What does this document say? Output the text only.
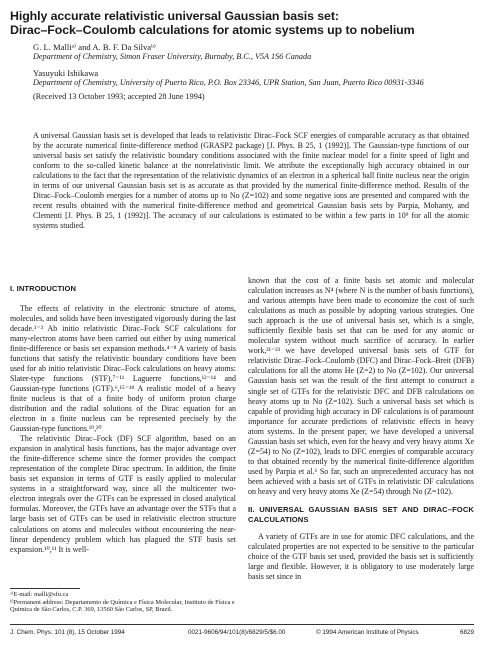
Highly accurate relativistic universal Gaussian basis set:
Dirac–Fock–Coulomb calculations for atomic systems up to nobelium
G. L. Malliᵃ⁾ and A. B. F. Da Silvaᵇ⁾
Department of Chemistry, Simon Fraser University, Burnaby, B.C., V5A 1S6 Canada
Yasuyuki Ishikawa
Department of Chemistry, University of Puerto Rico, P.O. Box 23346, UPR Station, San Juan, Puerto Rico 00931-3346
(Received 13 October 1993; accepted 28 June 1994)
A universal Gaussian basis set is developed that leads to relativistic Dirac–Fock SCF energies of comparable accuracy as that obtained by the accurate numerical finite-difference method (GRASP2 package) [J. Phys. B 25, 1 (1992)]. The Gaussian-type functions of our universal basis set satisfy the relativistic boundary conditions associated with the finite nuclear model for a finite speed of light and conform to the so-called kinetic balance at the nonrelativistic limit. We attribute the exceptionally high accuracy obtained in our calculations to the fact that the representation of the relativistic dynamics of an electron in a spherical ball finite nucleus near the origin in terms of our universal Gaussian basis set is as accurate as that provided by the numerical finite-difference method. Results of the Dirac–Fock–Coulomb energies for a number of atoms up to No (Z=102) and some negative ions are presented and compared with the recent results obtained with the numerical finite-difference method and geometrical Gaussian basis sets by Parpia, Mohanty, and Clementi [J. Phys. B 25, 1 (1992)]. The accuracy of our calculations is estimated to be within a few parts in 10⁹ for all the atomic systems studied.
I. INTRODUCTION

The effects of relativity in the electronic structure of atoms, molecules, and solids have been investigated vigorously during the last decade.¹⁻³ Ab initio relativistic Dirac–Fock SCF calculations for many-electron atoms have been carried out either by using numerical finite-difference or basis set expansion methods.⁴⁻⁸ A variety of basis functions that satisfy the relativistic boundary conditions have been used for ab initio relativistic Dirac–Fock calculations on heavy atoms: Slater-type functions (STF),⁷⁻¹¹ Laguerre functions,¹²⁻¹⁴ and Gaussian-type functions (GTF).⁶,¹⁵⁻¹⁸ A realistic model of a heavy finite nucleus is that of a finite body of uniform proton charge distribution and the radial solutions of the Dirac equation for an electron in a finite nucleus can be represented precisely by the Gaussian-type functions.¹⁹,²⁰

The relativistic Dirac–Fock (DF) SCF algorithm, based on an expansion in analytical basis functions, has the major advantage over the finite-difference scheme since the former provides the compact representation of the complete Dirac spectrum. In addition, the finite basis set expansion in terms of GTF is easily applied to molecular systems in a straightforward way, since all the multicenter two-electron integrals over the GTFs can be expressed in closed analytical formulas. Moreover, the GTFs have an advantage over the STFs that a large basis set of GTFs can be used in relativistic electron structure calculations on atoms and molecules without encountering the near-linear dependency problem which has plagued the STF basis set expansion.¹⁰,¹¹ It is well-

known that the cost of a finite basis set atomic and molecular calculation increases as N⁴ (where N is the number of basis functions), and various attempts have been made to economize the cost of such calculations as much as possible by adopting various strategies. One such approach is the use of universal basis set, which is a single, sufficiently flexible basis set that can be used for any atomic or molecular system without much sacrifice of accuracy. In earlier work,²¹⁻²³ we have developed universal basis sets of GTF for relativistic Dirac–Fock–Coulomb (DFC) and Dirac–Fock–Breit (DFB) calculations for all the atoms He (Z=2) to No (Z=102). Our universal Gaussian basis set was the result of the first attempt to construct a single set of GTFs for the relativistic DFC and DFB calculations on heavy atoms up to No (Z=102). Such a universal basis set which is capable of providing high accuracy in DF calculations is of paramount importance for accurate predictions of relativistic effects in heavy atom systems. In the present paper, we have developed a universal Gaussian basis set which, even for the heavy and very heavy atoms Xe (Z=54) to No (Z=102), leads to DFC energies of comparable accuracy to that obtained recently by the numerical finite-difference algorithm used by Parpia et al.⁶ So far, such an unprecedented accuracy has not been achieved with a basis set of GTFs in relativistic DF calculations on heavy and very heavy atoms Xe (Z=54) through No (Z=102).

II. UNIVERSAL GAUSSIAN BASIS SET AND DIRAC–FOCK CALCULATIONS

A variety of GTFs are in use for atomic DFC calculations, and the calculated properties are not expected to be sensitive to the particular choice of the GTF basis set used, provided the basis set is sufficiently large and flexible. However, it is obligatory to use moderately large basis set since in

ᵃ⁾E-mail: malli@sfu.ca
ᵇ⁾Permanent address: Departamento de Química e Física Molecular, Instituto de Física e Química de São Carlos, C.P. 369, 13560 São Carlos, SP, Brazil.
J. Chem. Phys. 101 (8), 15 October 1994	0021-9606/94/101(8)/6829/5/$6.00	© 1994 American Institute of Physics	6829
